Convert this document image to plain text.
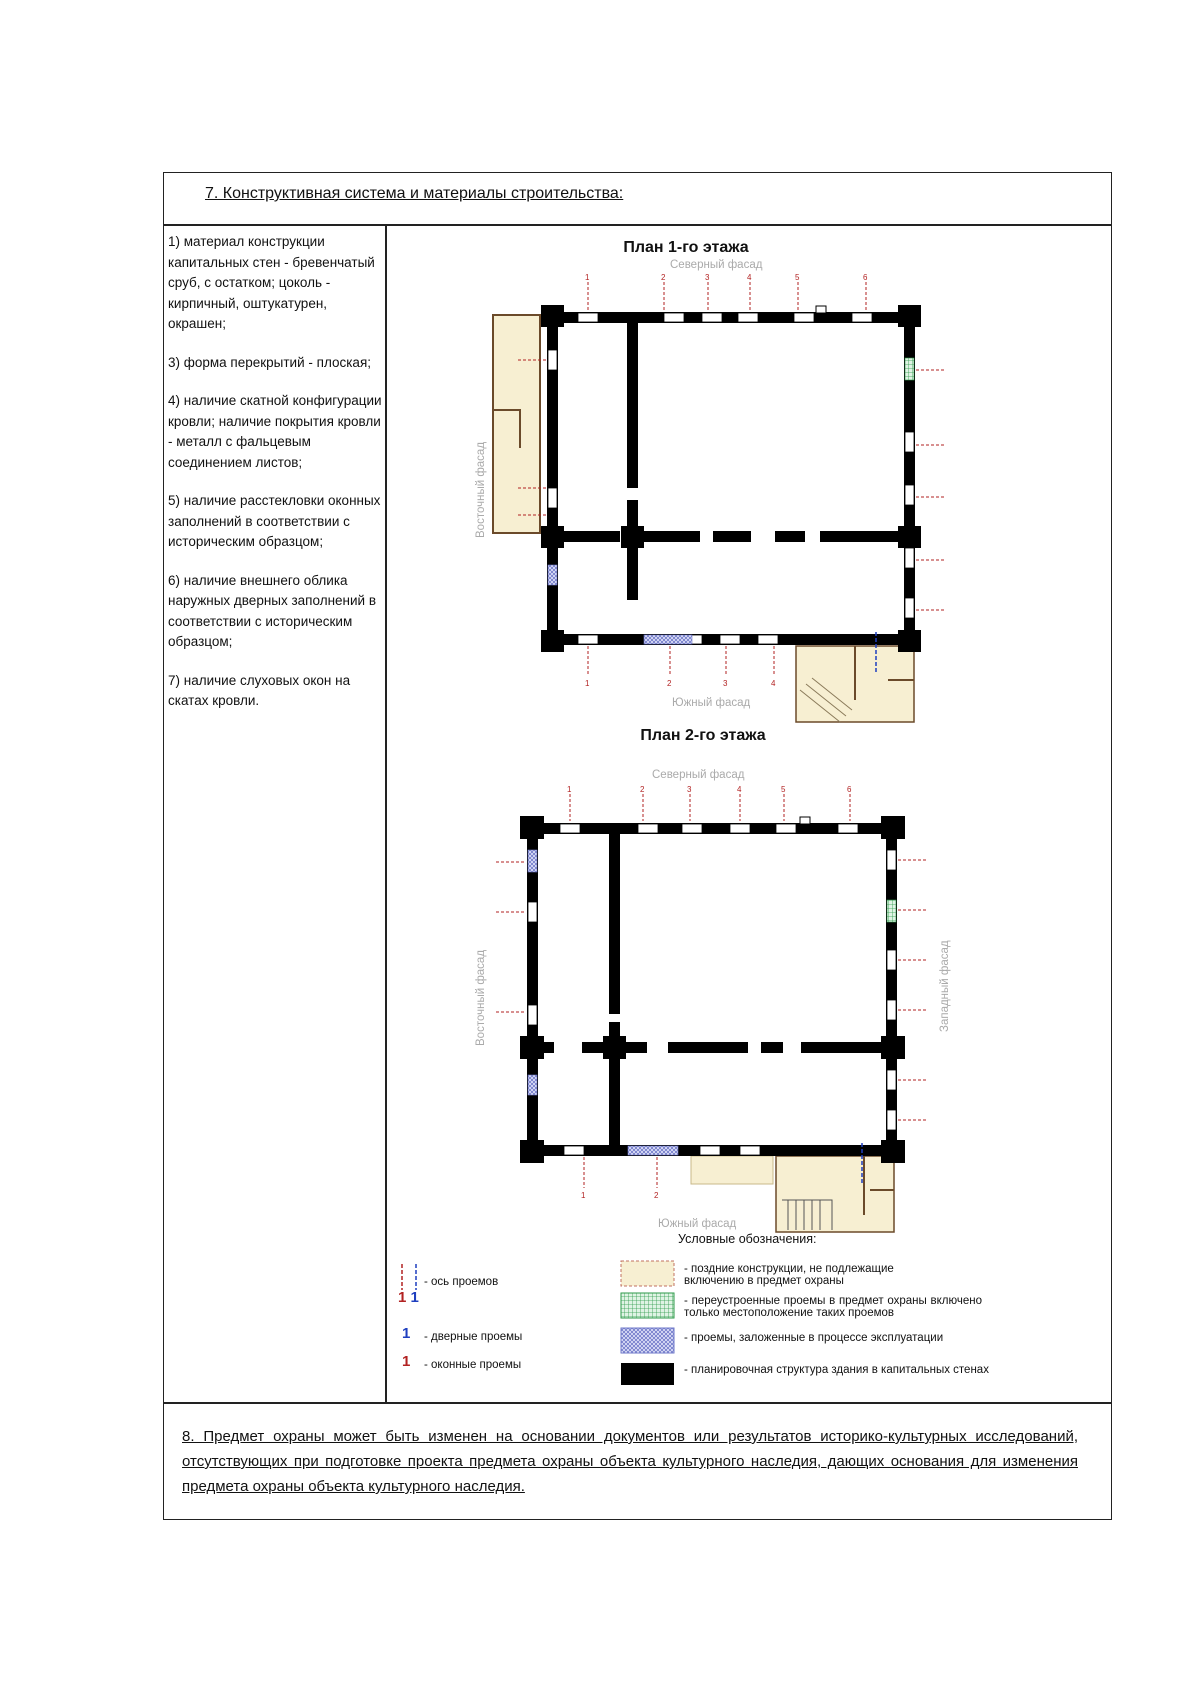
7. Конструктивная система и материалы строительства:

1) материал конструкции капитальных стен - бревенчатый сруб, с остатком; цоколь - кирпичный, оштукатурен, окрашен;

3) форма перекрытий - плоская;

4) наличие скатной конфигурации кровли; наличие покрытия кровли - металл с фальцевым соединением листов;

5) наличие расстекловки оконных заполнений в соответствии с историческим образцом;

6) наличие внешнего облика наружных дверных заполнений в соответствии с историческим образцом;

7) наличие слуховых окон на скатах кровли.

План 1-го этажа
План 2-го этажа
Северный фасад
Южный фасад
Восточный фасад
1	2	3	4	5	6
1	2	3	4
Северный фасад
Южный фасад
Восточный фасад	Западный фасад
1	2	3	4	5	6
1	2
Условные обозначения:
1 1
- ось проемов
1 - дверные проемы
1 - оконные проемы
- поздние конструкции, не подлежащие включению в предмет охраны
- переустроенные проемы в предмет охраны включено только местоположение таких проемов
- проемы, заложенные в процессе эксплуатации
- планировочная структура здания в капитальных стенах
8. Предмет охраны может быть изменен на основании документов или результатов историко-культурных исследований, отсутствующих при подготовке проекта предмета охраны объекта культурного наследия, дающих основания для изменения предмета охраны объекта культурного наследия.
